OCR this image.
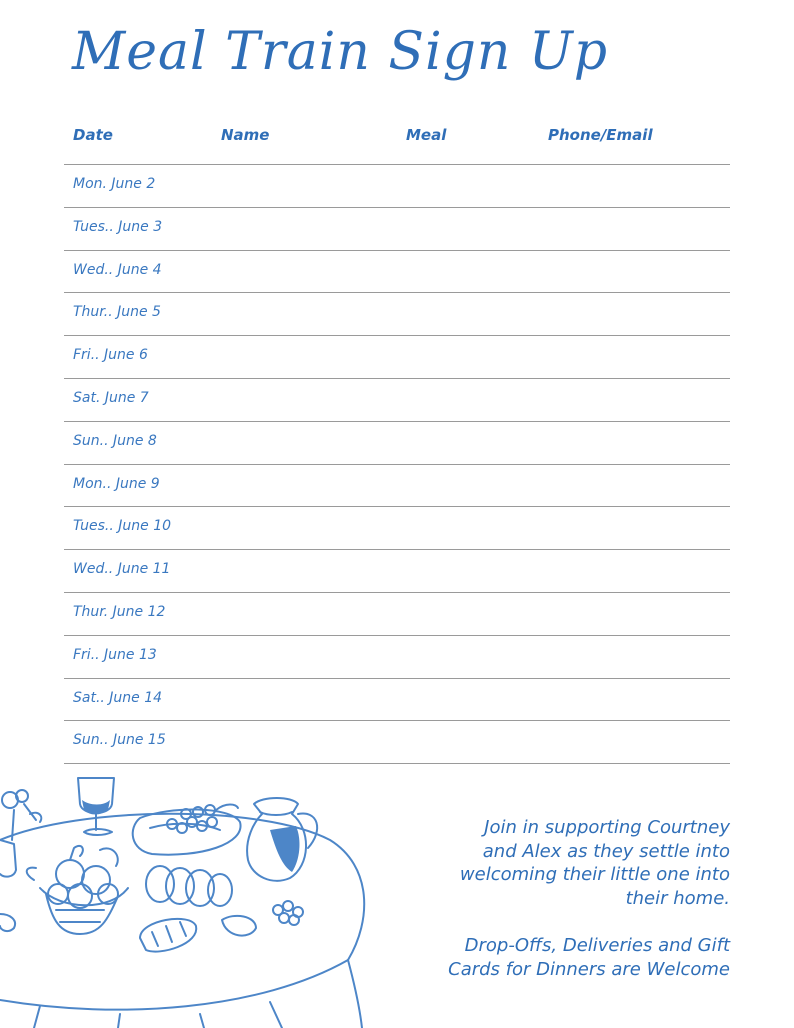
Meal Train Sign Up
Date	Name	Meal	Phone/Email
Mon. June 2
Tues.. June 3
Wed.. June 4
Thur.. June 5
Fri.. June 6
Sat. June 7
Sun.. June 8
Mon.. June 9
Tues.. June 10
Wed.. June 11
Thur. June 12
Fri.. June 13
Sat.. June 14
Sun.. June 15

Join in supporting Courtney

and Alex as they settle into

welcoming their little one into

their home.

Drop-Offs, Deliveries and Gift

Cards for Dinners are Welcome
